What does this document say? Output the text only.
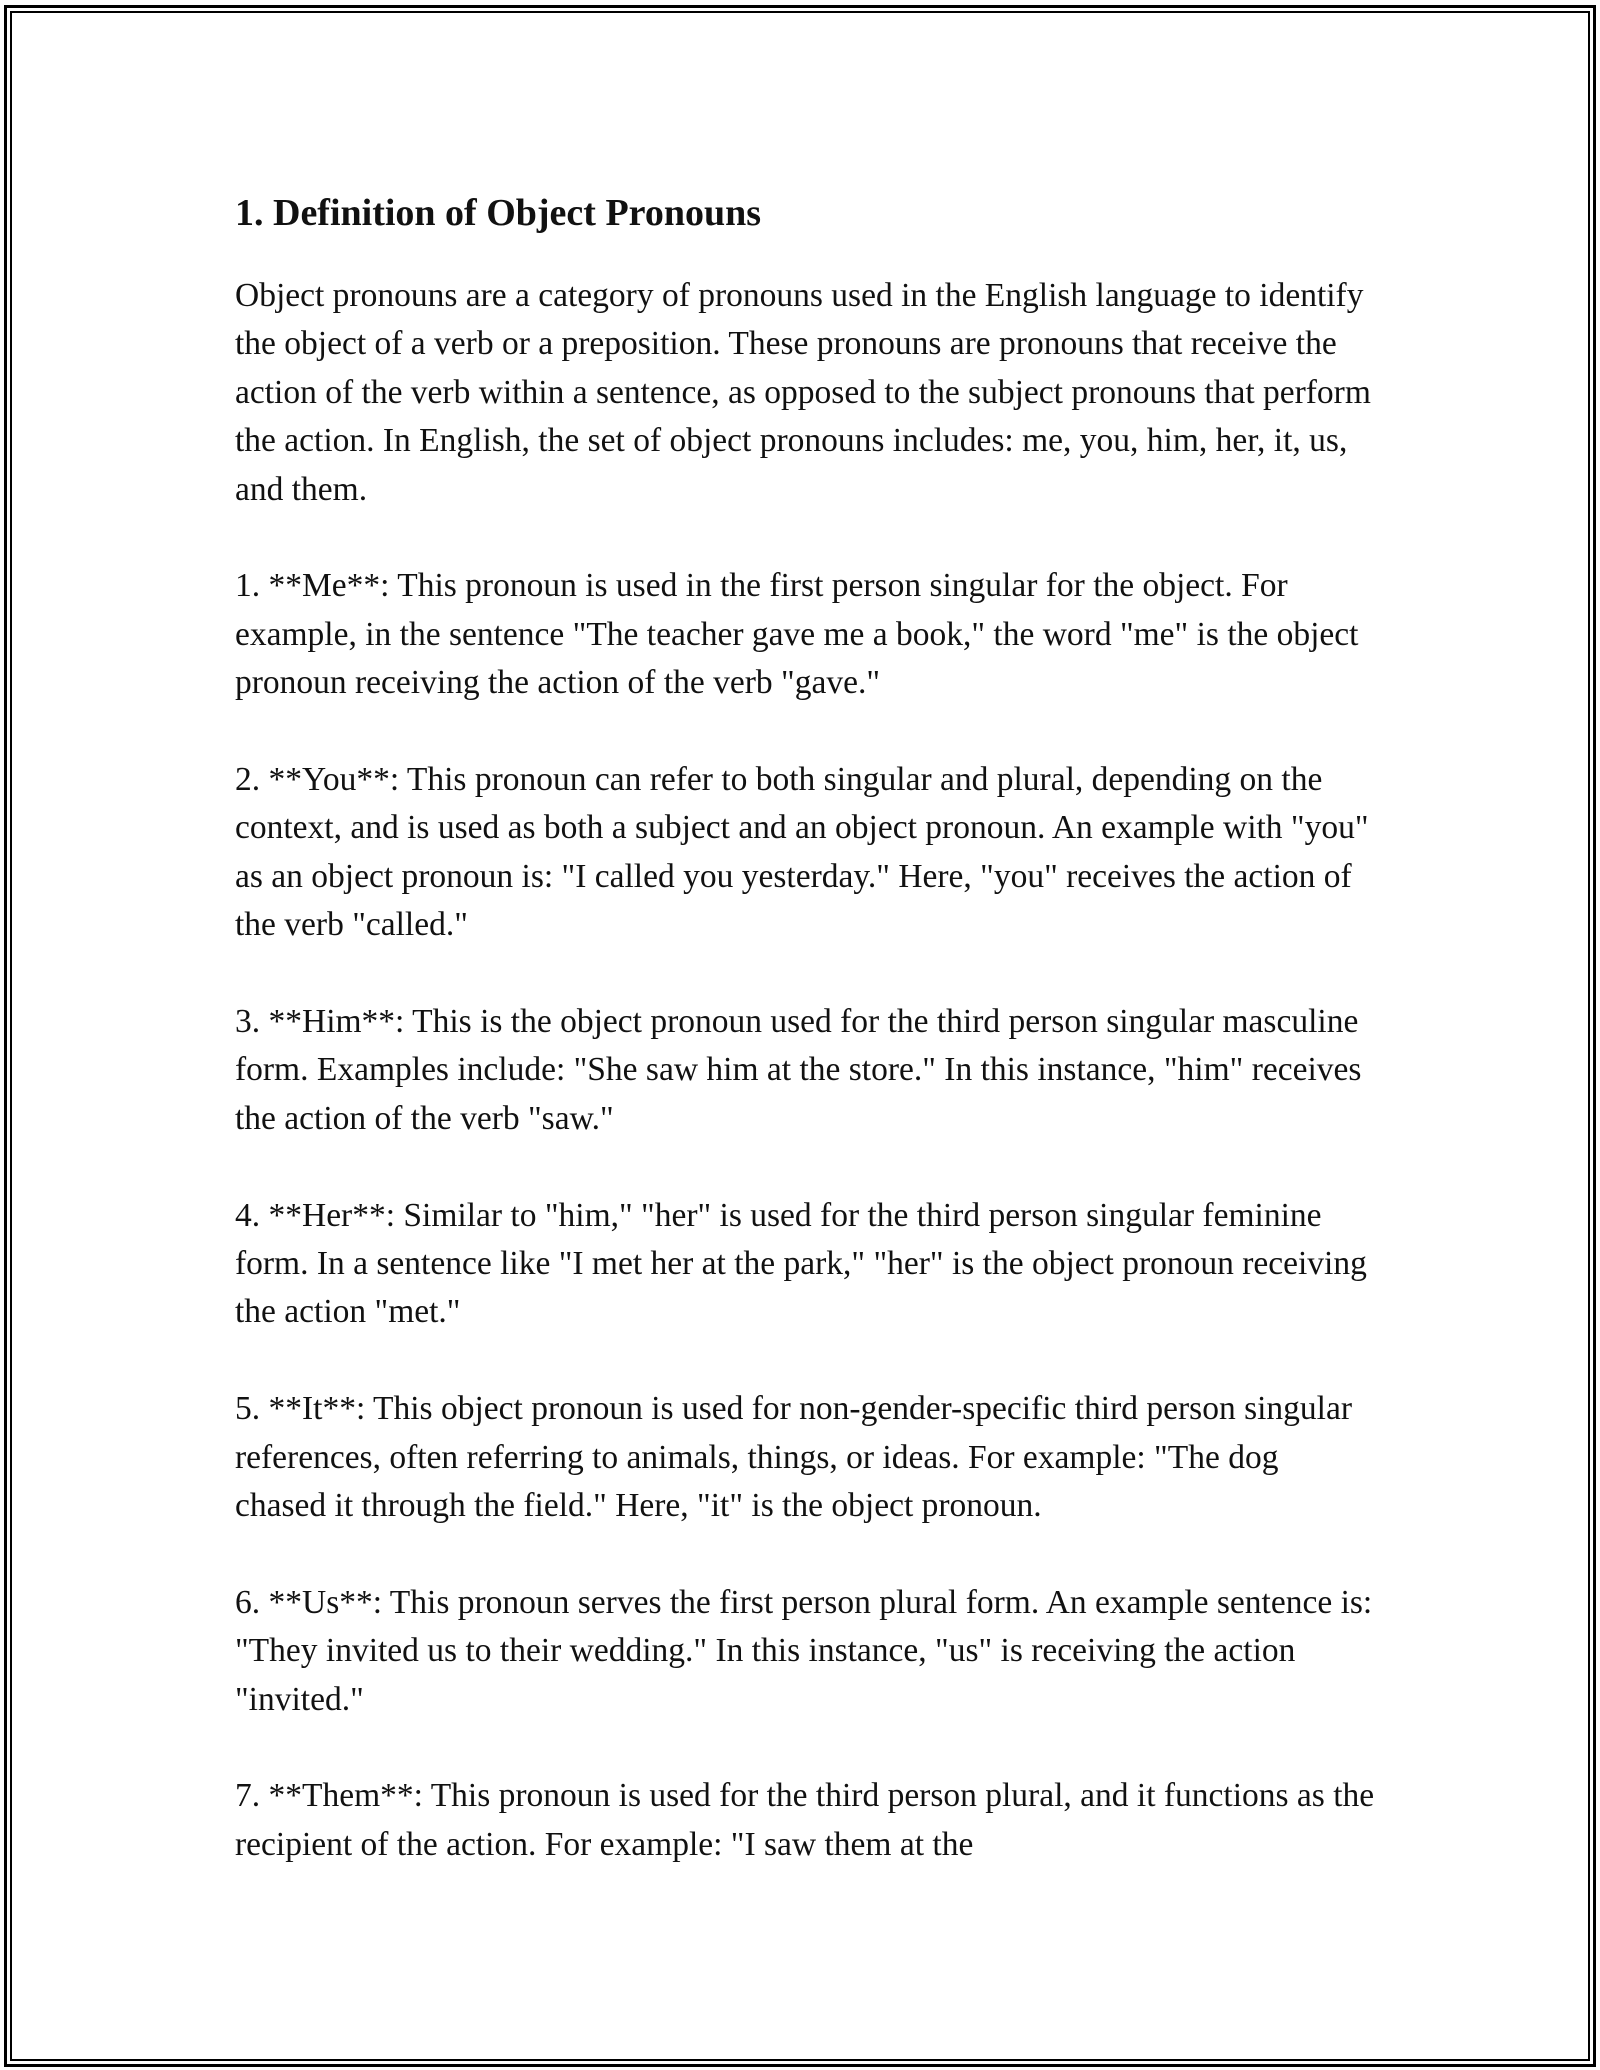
1. Definition of Object Pronouns

Object pronouns are a category of pronouns used in the English language to identify the object of a verb or a preposition. These pronouns are pronouns that receive the action of the verb within a sentence, as opposed to the subject pronouns that perform the action. In English, the set of object pronouns includes: me, you, him, her, it, us, and them.

1. **Me**: This pronoun is used in the first person singular for the object. For example, in the sentence "The teacher gave me a book," the word "me" is the object pronoun receiving the action of the verb "gave."

2. **You**: This pronoun can refer to both singular and plural, depending on the context, and is used as both a subject and an object pronoun. An example with "you" as an object pronoun is: "I called you yesterday." Here, "you" receives the action of the verb "called."

3. **Him**: This is the object pronoun used for the third person singular masculine form. Examples include: "She saw him at the store." In this instance, "him" receives the action of the verb "saw."

4. **Her**: Similar to "him," "her" is used for the third person singular feminine form. In a sentence like "I met her at the park," "her" is the object pronoun receiving the action "met."

5. **It**: This object pronoun is used for non-gender-specific third person singular references, often referring to animals, things, or ideas. For example: "The dog chased it through the field." Here, "it" is the object pronoun.

6. **Us**: This pronoun serves the first person plural form. An example sentence is: "They invited us to their wedding." In this instance, "us" is receiving the action "invited."

7. **Them**: This pronoun is used for the third person plural, and it functions as the recipient of the action. For example: "I saw them at the
